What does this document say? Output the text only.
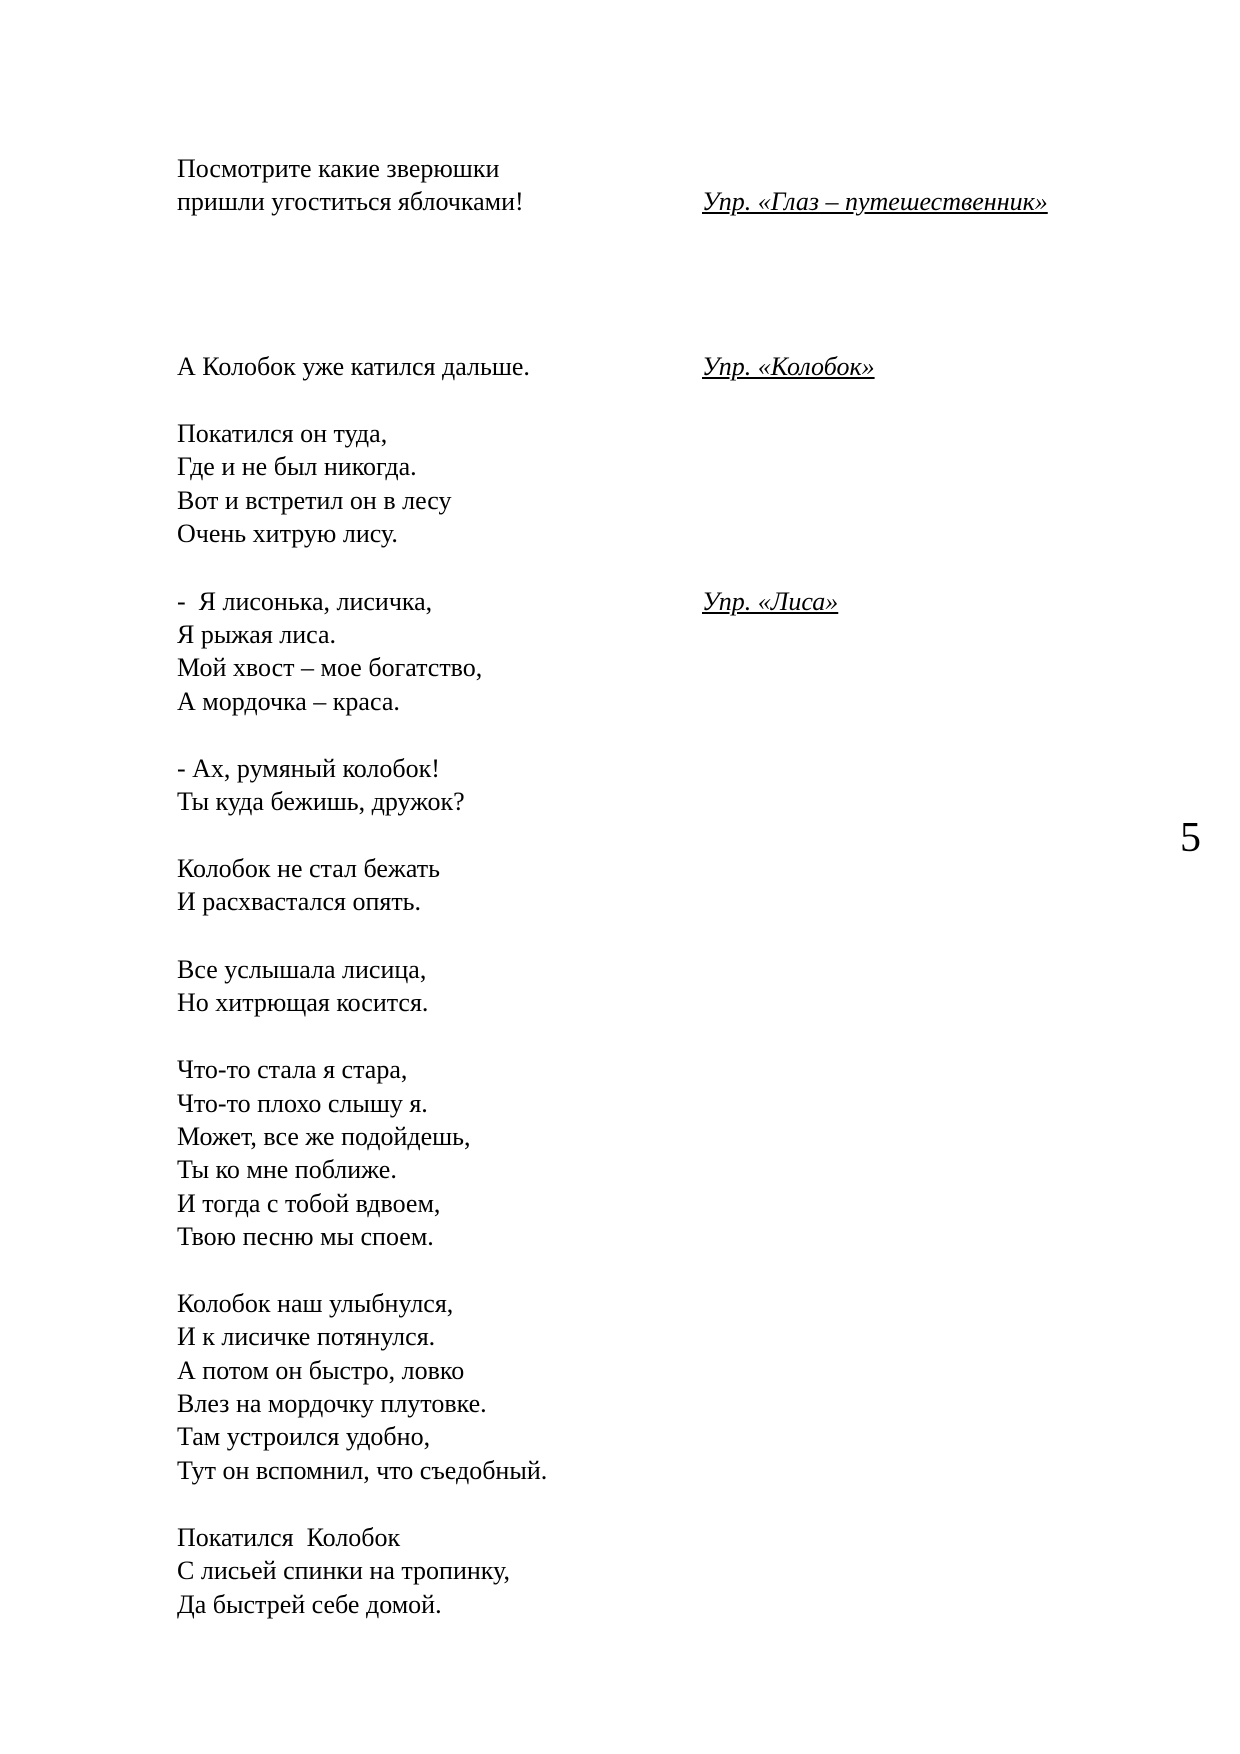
Посмотрите какие зверюшки
пришли угоститься яблочками!	Упр. «Глаз – путешественник»
А Колобок уже катился дальше.	Упр. «Колобок»
Покатился он туда,
Где и не был никогда.
Вот и встретил он в лесу
Очень хитрую лису.
-  Я лисонька, лисичка,	Упр. «Лиса»
Я рыжая лиса.
Мой хвост – мое богатство,
А мордочка – краса.
- Ах, румяный колобок!
Ты куда бежишь, дружок?
Колобок не стал бежать
И расхвастался опять.
Все услышала лисица,
Но хитрющая косится.
Что-то стала я стара,
Что-то плохо слышу я.
Может, все же подойдешь,
Ты ко мне поближе.
И тогда с тобой вдвоем,
Твою песню мы споем.
Колобок наш улыбнулся,
И к лисичке потянулся.
А потом он быстро, ловко
Влез на мордочку плутовке.
Там устроился удобно,
Тут он вспомнил, что съедобный.
Покатился  Колобок
С лисьей спинки на тропинку,
Да быстрей себе домой.
5
